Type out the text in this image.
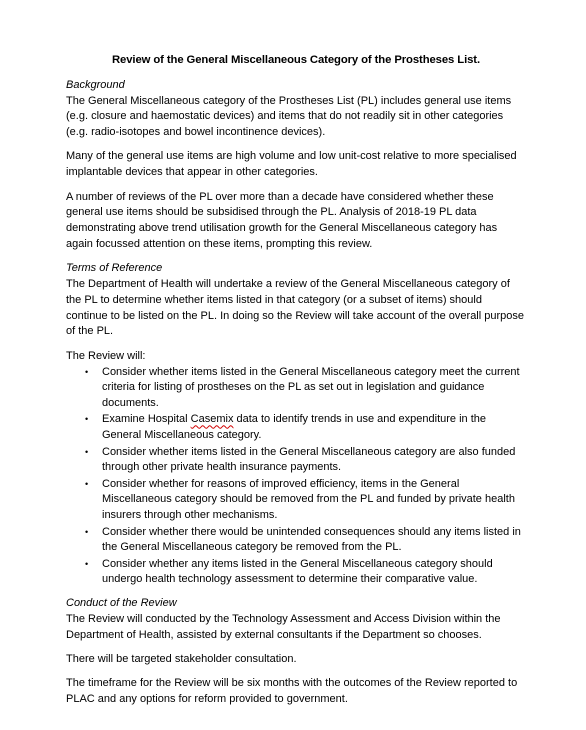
Review of the General Miscellaneous Category of the Prostheses List.
Background

The General Miscellaneous category of the Prostheses List (PL) includes general use items (e.g. closure and haemostatic devices) and items that do not readily sit in other categories (e.g. radio-isotopes and bowel incontinence devices).

Many of the general use items are high volume and low unit-cost relative to more specialised implantable devices that appear in other categories.

A number of reviews of the PL over more than a decade have considered whether these general use items should be subsidised through the PL. Analysis of 2018-19 PL data demonstrating above trend utilisation growth for the General Miscellaneous category has again focussed attention on these items, prompting this review.

Terms of Reference

The Department of Health will undertake a review of the General Miscellaneous category of the PL to determine whether items listed in that category (or a subset of items) should continue to be listed on the PL. In doing so the Review will take account of the overall purpose of the PL.

The Review will:

• Consider whether items listed in the General Miscellaneous category meet the current criteria for listing of prostheses on the PL as set out in legislation and guidance documents.
• Examine Hospital Casemix data to identify trends in use and expenditure in the General Miscellaneous category.
• Consider whether items listed in the General Miscellaneous category are also funded through other private health insurance payments.
• Consider whether for reasons of improved efficiency, items in the General Miscellaneous category should be removed from the PL and funded by private health insurers through other mechanisms.
• Consider whether there would be unintended consequences should any items listed in the General Miscellaneous category be removed from the PL.
• Consider whether any items listed in the General Miscellaneous category should undergo health technology assessment to determine their comparative value.
Conduct of the Review

The Review will conducted by the Technology Assessment and Access Division within the Department of Health, assisted by external consultants if the Department so chooses.

There will be targeted stakeholder consultation.

The timeframe for the Review will be six months with the outcomes of the Review reported to PLAC and any options for reform provided to government.
